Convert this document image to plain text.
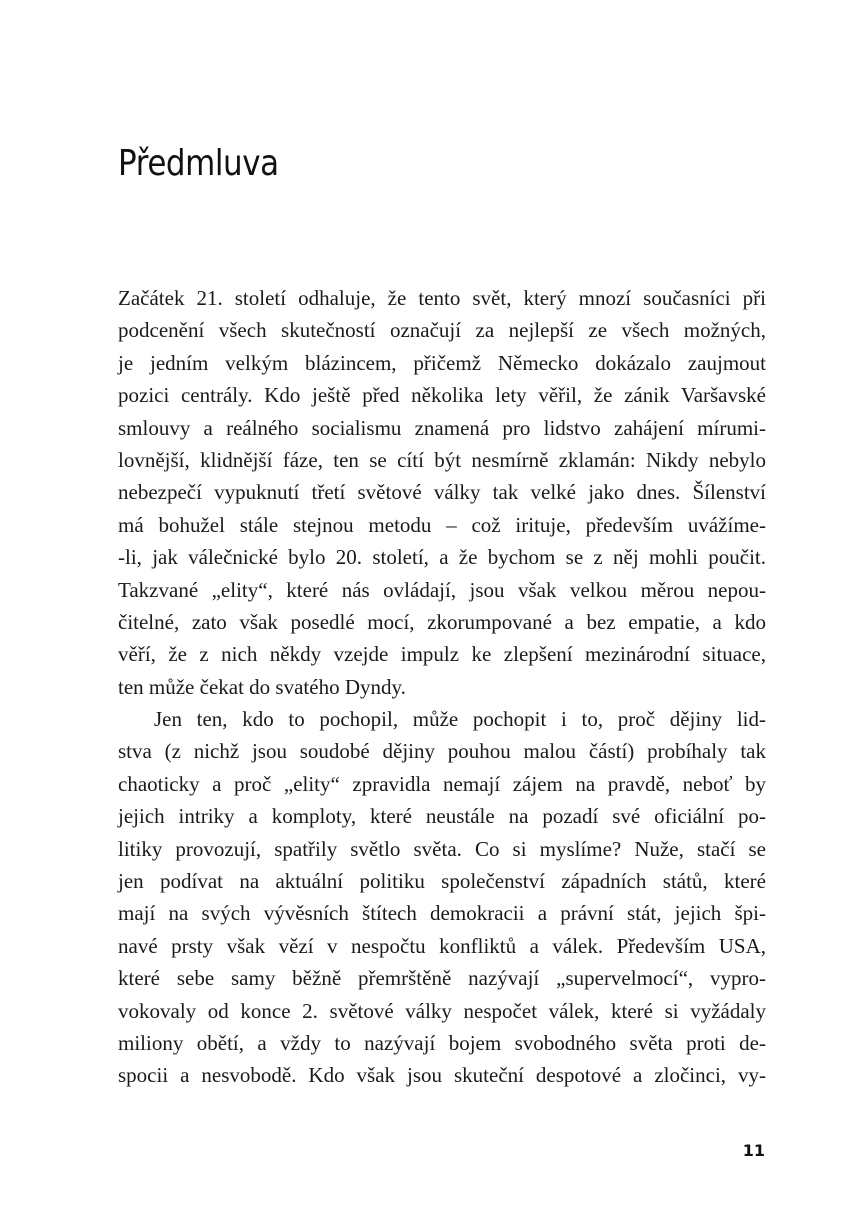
Předmluva
Začátek 21. století odhaluje, že tento svět, který mnozí současníci při
podcenění všech skutečností označují za nejlepší ze všech možných,
je jedním velkým blázincem, přičemž Německo dokázalo zaujmout
pozici centrály. Kdo ještě před několika lety věřil, že zánik Varšavské
smlouvy a reálného socialismu znamená pro lidstvo zahájení mírumi-
lovnější, klidnější fáze, ten se cítí být nesmírně zklamán: Nikdy nebylo
nebezpečí vypuknutí třetí světové války tak velké jako dnes. Šílenství
má bohužel stále stejnou metodu – což irituje, především uvážíme-
-li, jak válečnické bylo 20. století, a že bychom se z něj mohli poučit.
Takzvané „elity“, které nás ovládají, jsou však velkou měrou nepou-
čitelné, zato však posedlé mocí, zkorumpované a bez empatie, a kdo
věří, že z nich někdy vzejde impulz ke zlepšení mezinárodní situace,
ten může čekat do svatého Dyndy.
Jen ten, kdo to pochopil, může pochopit i to, proč dějiny lid-
stva (z nichž jsou soudobé dějiny pouhou malou částí) probíhaly tak
chaoticky a proč „elity“ zpravidla nemají zájem na pravdě, neboť by
jejich intriky a komploty, které neustále na pozadí své oficiální po-
litiky provozují, spatřily světlo světa. Co si myslíme? Nuže, stačí se
jen podívat na aktuální politiku společenství západních států, které
mají na svých vývěsních štítech demokracii a právní stát, jejich špi-
navé prsty však vězí v nespočtu konfliktů a válek. Především USA,
které sebe samy běžně přemrštěně nazývají „supervelmocí“, vypro-
vokovaly od konce 2. světové války nespočet válek, které si vyžádaly
miliony obětí, a vždy to nazývají bojem svobodného světa proti de-
spocii a nesvobodě. Kdo však jsou skuteční despotové a zločinci, vy-
11
